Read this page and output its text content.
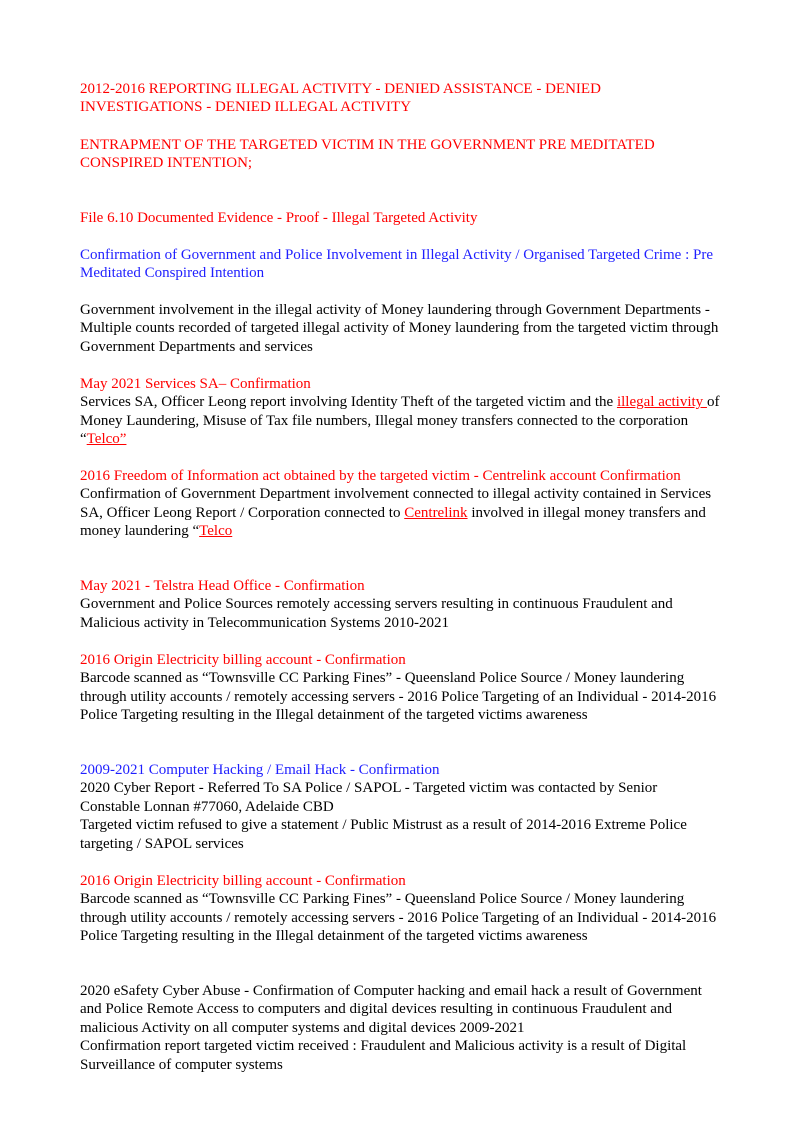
2012-2016 REPORTING ILLEGAL ACTIVITY - DENIED ASSISTANCE - DENIED INVESTIGATIONS - DENIED ILLEGAL ACTIVITY

ENTRAPMENT OF THE TARGETED VICTIM IN THE GOVERNMENT PRE MEDITATED CONSPIRED INTENTION;

File 6.10 Documented Evidence - Proof - Illegal Targeted Activity

Confirmation of Government and Police Involvement in Illegal Activity / Organised Targeted Crime : Pre Meditated Conspired Intention

Government involvement in the illegal activity of Money laundering through Government Departments - Multiple counts recorded of targeted illegal activity of Money laundering from the targeted victim through Government Departments and services

May 2021 Services SA– Confirmation

Services SA, Officer Leong report involving Identity Theft of the targeted victim and the illegal activity of Money Laundering, Misuse of Tax file numbers, Illegal money transfers connected to the corporation “Telco”

2016 Freedom of Information act obtained by the targeted victim - Centrelink account Confirmation

Confirmation of Government Department involvement connected to illegal activity contained in Services SA, Officer Leong Report / Corporation connected to Centrelink involved in illegal money transfers and money laundering “Telco

May 2021 - Telstra Head Office - Confirmation

Government and Police Sources remotely accessing servers resulting in continuous Fraudulent and Malicious activity in Telecommunication Systems 2010-2021

2016 Origin Electricity billing account - Confirmation

Barcode scanned as “Townsville CC Parking Fines” - Queensland Police Source / Money laundering through utility accounts / remotely accessing servers - 2016 Police Targeting of an Individual - 2014-2016 Police Targeting resulting in the Illegal detainment of the targeted victims awareness

2009-2021 Computer Hacking / Email Hack - Confirmation

2020 Cyber Report - Referred To SA Police / SAPOL - Targeted victim was contacted by Senior Constable Lonnan #77060, Adelaide CBD

Targeted victim refused to give a statement / Public Mistrust as a result of 2014-2016 Extreme Police targeting / SAPOL services

2016 Origin Electricity billing account - Confirmation

Barcode scanned as “Townsville CC Parking Fines” - Queensland Police Source / Money laundering through utility accounts / remotely accessing servers - 2016 Police Targeting of an Individual - 2014-2016 Police Targeting resulting in the Illegal detainment of the targeted victims awareness

2020 eSafety Cyber Abuse - Confirmation of Computer hacking and email hack a result of Government and Police Remote Access to computers and digital devices resulting in continuous Fraudulent and malicious Activity on all computer systems and digital devices 2009-2021

Confirmation report targeted victim received : Fraudulent and Malicious activity is a result of Digital Surveillance of computer systems
